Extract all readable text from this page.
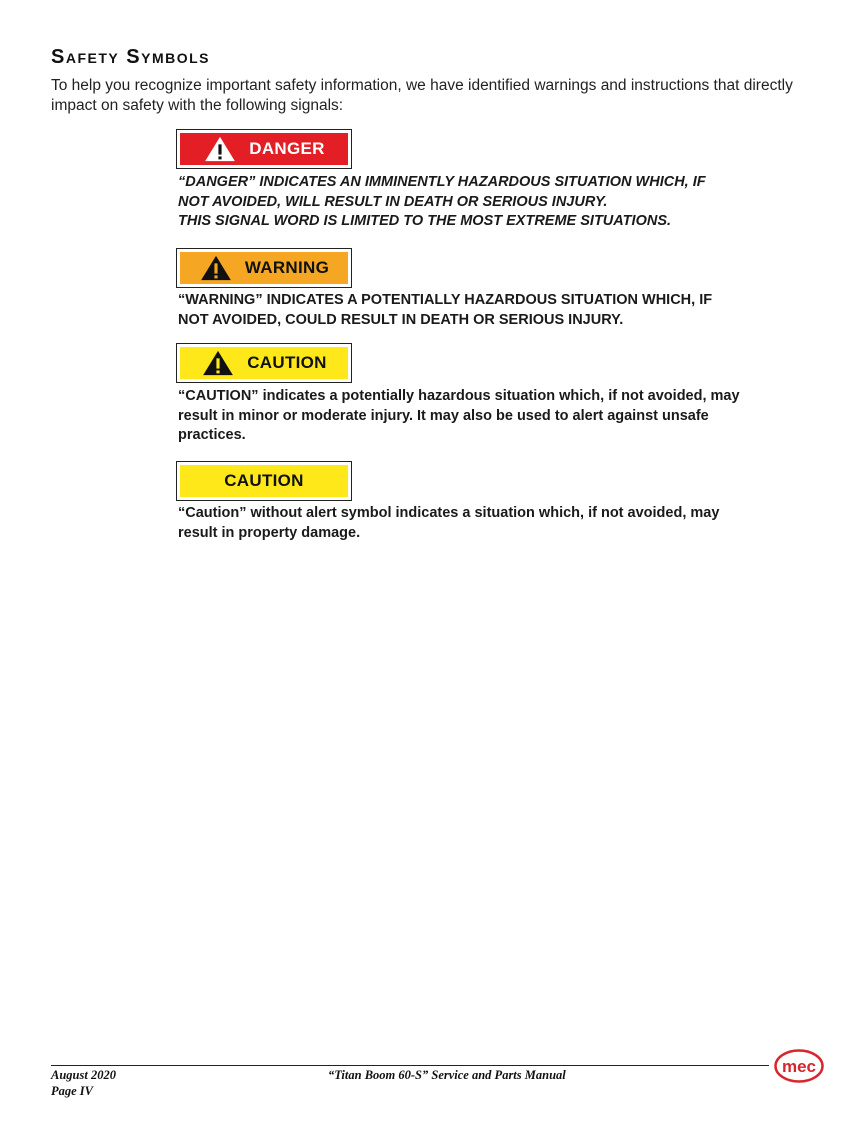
Safety Symbols

To help you recognize important safety information, we have identified warnings and instructions that directly impact on safety with the following signals:

DANGER
“DANGER” INDICATES AN IMMINENTLY HAZARDOUS SITUATION WHICH, IF
NOT AVOIDED, WILL RESULT IN DEATH OR SERIOUS INJURY.
THIS SIGNAL WORD IS LIMITED TO THE MOST EXTREME SITUATIONS.
WARNING
“WARNING” INDICATES A POTENTIALLY HAZARDOUS SITUATION WHICH, IF
NOT AVOIDED, COULD RESULT IN DEATH OR SERIOUS INJURY.
CAUTION
“CAUTION” indicates a potentially hazardous situation which, if not avoided, may
result in minor or moderate injury. It may also be used to alert against unsafe
practices.
CAUTION
“Caution” without alert symbol indicates a situation which, if not avoided, may
result in property damage.
August 2020
Page IV
“Titan Boom 60-S” Service and Parts Manual	mec
